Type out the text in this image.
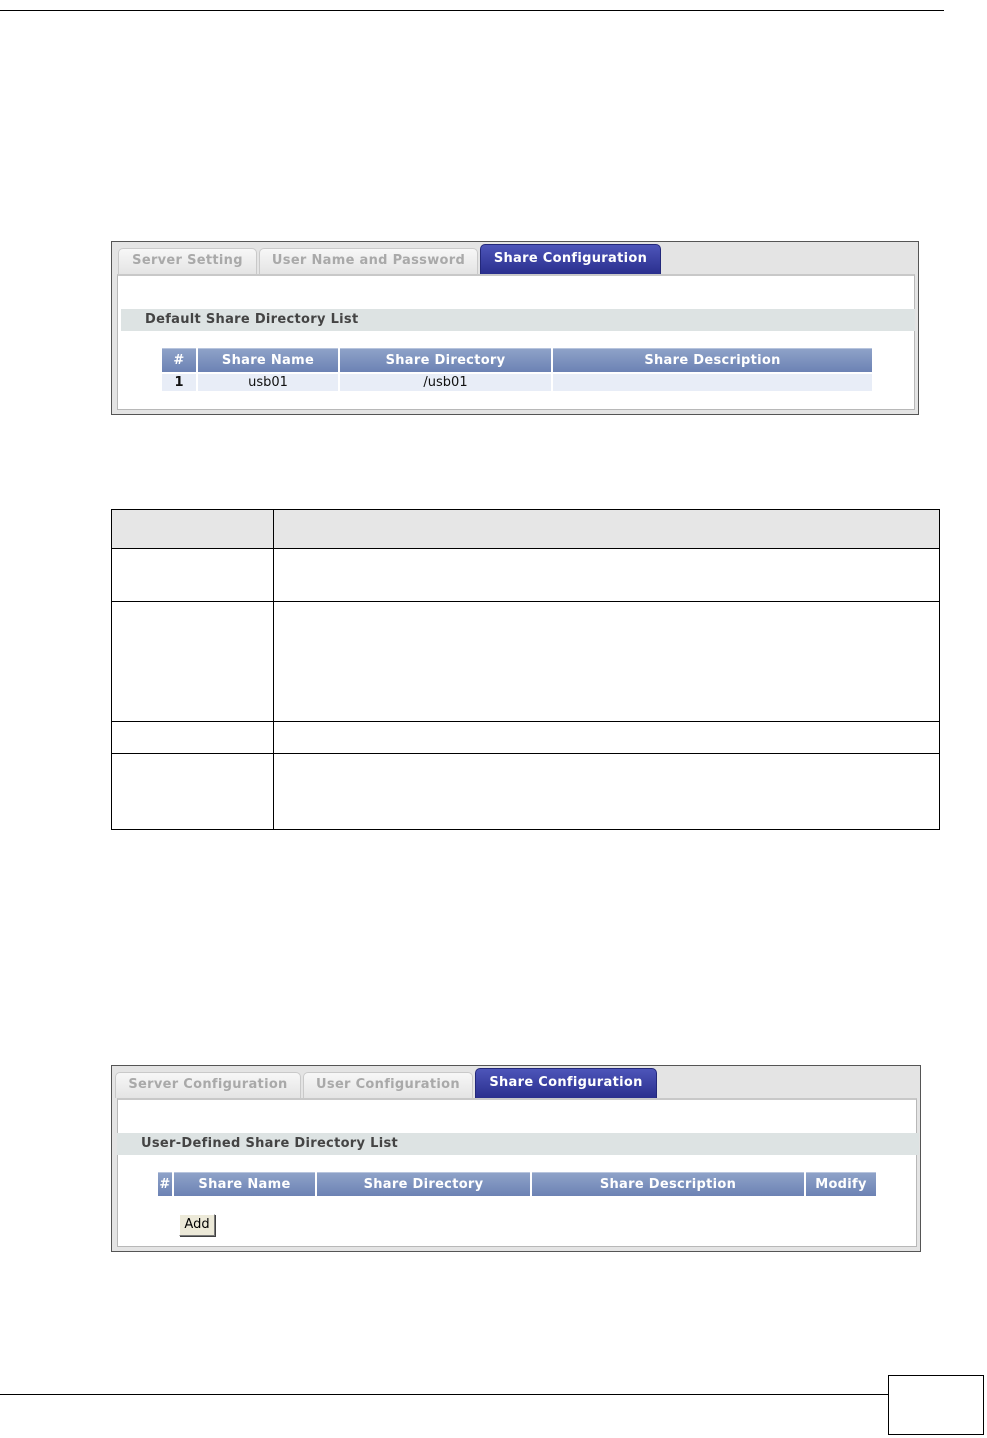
Server Setting	User Name and Password	Share Configuration
Default Share Directory List
#	Share Name	Share Directory	Share Description
1	usb01	/usb01
Server Configuration	User Configuration	Share Configuration
User-Defined Share Directory List
#	Share Name	Share Directory	Share Description	Modify
Add
